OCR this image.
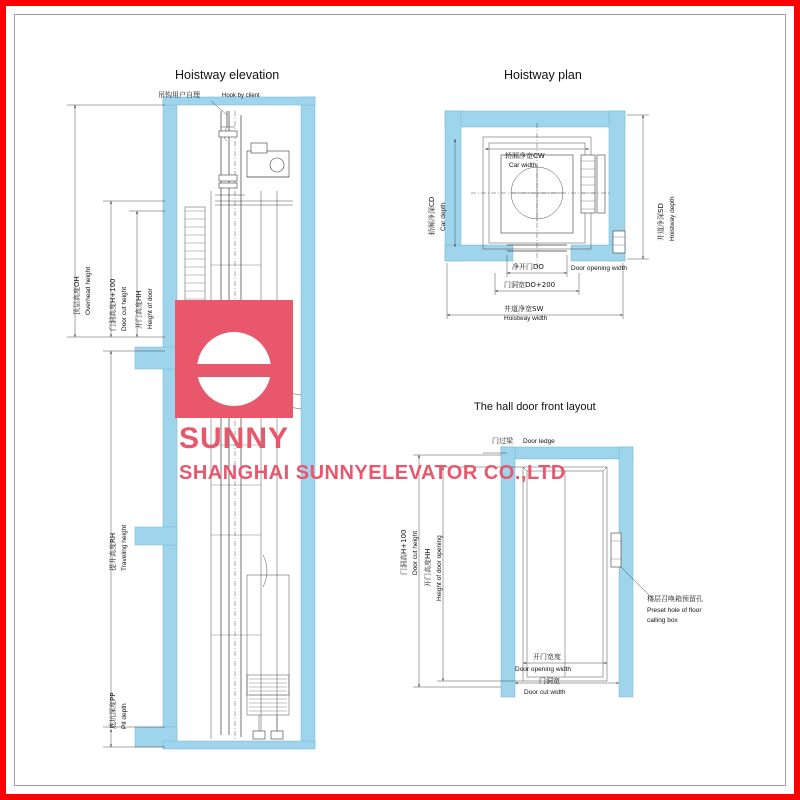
SUNNY
SHANGHAI SUNNYELEVATOR CO.,LTD
Hoistway elevation	Hoistway plan
The hall door front layout
吊钩用户自理	Hook by client
顶层高度OH Overhead height 门洞高度H+100 Door cut height 开门高度HH Height of door
提升高度RH Traveling height
底坑深度PP Pit depth
轿厢净宽CW
Car width
轿厢净深CD Car depth	井道净深SD Hoistway depth
净开门DO	Door opening width
门洞宽DO+200
井道净宽SW
Hoistway width
门过梁 Door ledge
门洞高H+100 Door cut height 开门高度HH Height of door opening
开门宽度
Door opening width
门洞宽
Door cut width
楼层召唤箱预留孔
Preset hole of floor
calling box
